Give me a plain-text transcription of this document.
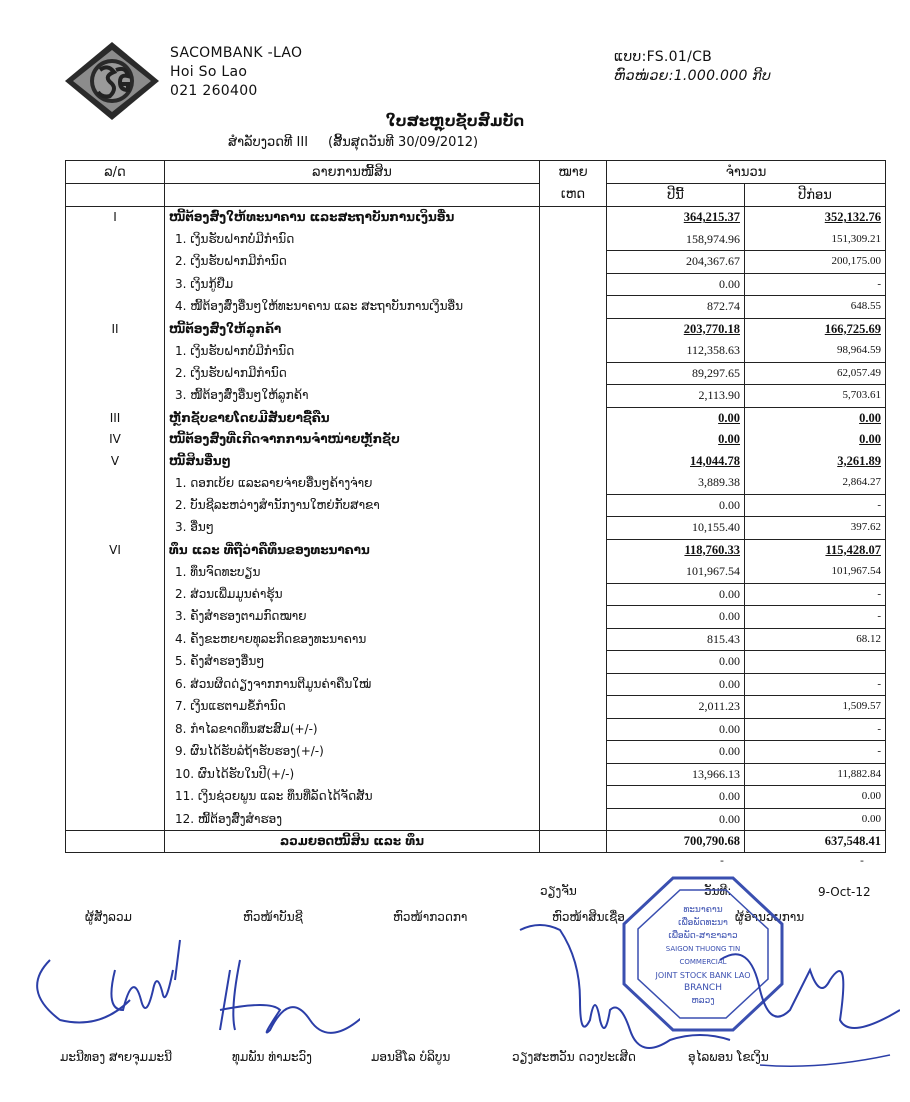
SACOMBANK -LAO
Hoi So Lao
021 260400
ແບບ:FS.01/CB
ຫົວໜ່ວຍ:1.000.000 ກີບ
ໃບສະຫຼຸບຊັບສົມບັດ
ສຳລັບງວດທີ III (ສິ້ນສຸດວັນທີ 30/09/2012)
ລ/ດ	ລາຍການໜີ້ສິນ	ໝາຍ	ຈຳນວນ	
		ເຫດ	ປີນີ້	ປີກ່ອນ
I	ໜີ້ຕ້ອງສົ່ງໃຫ້ທະນາຄານ ແລະສະຖາບັນການເງິນອື່ນ		364,215.37	352,132.76
	1. ເງິນຮັບຝາກບໍ່ມີກຳນົດ		158,974.96	151,309.21
	2. ເງິນຮັບຝາກມີກຳນົດ		204,367.67	200,175.00
	3. ເງິນກູ້ຢືມ		0.00	-
	4. ໜີ້ຕ້ອງສົ່ງອື່ນໆໃຫ້ທະນາຄານ ແລະ ສະຖາບັນການເງິນອື່ນ		872.74	648.55
II	ໜີ້ຕ້ອງສົ່ງໃຫ້ລູກຄ້າ		203,770.18	166,725.69
	1. ເງິນຮັບຝາກບໍ່ມີກຳນົດ		112,358.63	98,964.59
	2. ເງິນຮັບຝາກມີກຳນົດ		89,297.65	62,057.49
	3. ໜີ້ຕ້ອງສົ່ງອື່ນໆໃຫ້ລູກຄ້າ		2,113.90	5,703.61
III	ຫຼັກຊັບຂາຍໂດຍມີສັນຍາຊື້ຄືນ		0.00	0.00
IV	ໜີ້ຕ້ອງສົ່ງທີ່ເກີດຈາກການຈຳໜ່າຍຫຼັກຊັບ		0.00	0.00
V	ໜີ້ສິນອື່ນໆ		14,044.78	3,261.89
	1. ດອກເບ້ຍ ແລະລາຍຈ່າຍອື່ນໆຄ້າງຈ່າຍ		3,889.38	2,864.27
	2. ບັນຊີລະຫວ່າງສຳນັກງານໃຫຍ່ກັບສາຂາ		0.00	-
	3. ອື່ນໆ		10,155.40	397.62
VI	ທຶນ ແລະ ທີ່ຖືວ່າຄືທຶນຂອງທະນາຄານ		118,760.33	115,428.07
	1. ທຶນຈົດທະບຽນ		101,967.54	101,967.54
	2. ສ່ວນເພີ່ມມູນຄ່າຮຸ້ນ		0.00	-
	3. ຄັງສຳຮອງຕາມກົດໝາຍ		0.00	-
	4. ຄັງຂະຫຍາຍທຸລະກິດຂອງທະນາຄານ		815.43	68.12
	5. ຄັງສຳຮອງອື່ນໆ		0.00	
	6. ສ່ວນຜິດດ່ຽງຈາກການຕີມູນຄ່າຄືນໃໝ່		0.00	-
	7. ເງິນແຮຕາມຂໍ້ກຳນົດ		2,011.23	1,509.57
	8. ກຳໄລຂາດທຶນສະສົມ(+/-)		0.00	-
	9. ຜົນໄດ້ຮັບລໍຖ້າຮັບຮອງ(+/-)		0.00	-
	10. ຜົນໄດ້ຮັບໃນປີ(+/-)		13,966.13	11,882.84
	11. ເງິນຊ່ວຍພູນ ແລະ ທຶນທີ່ລັດໄດ້ຈັດສັນ		0.00	0.00
	12. ໜີ້ຕ້ອງສົ່ງສຳຮອງ		0.00	0.00
	ລວມຍອດໜີ້ສິນ ແລະ ທຶນ		700,790.68	637,548.41
-	-
ວຽງຈັນ	ວັນທີ:	9-Oct-12
ຜູ້ສັງລວມ	ຫົວໜ້າບັນຊີ	ຫົວໜ້າກວດກາ	ຫົວໜ້າສິນເຊື່ອ	ຜູ້ອຳນວຍການ
ທະນາຄານ
ເພື່ອພັດທະນາ
ເພື່ອພັດ-ສາຂາລາວ
SAIGON THUONG TIN COMMERCIAL
JOINT STOCK BANK LAO
BRANCH
ຫລວງ
ມະນີທອງ ສາຍຈຸມມະນີ	ທຸມພັນ ທ່າມະວົງ	ມອນອີໂລ ບໍລິບູນ	ວຽງສະຫວັນ ດວງປະເສີດ	ອຸໄລພອນ ໂຂເງິນ
